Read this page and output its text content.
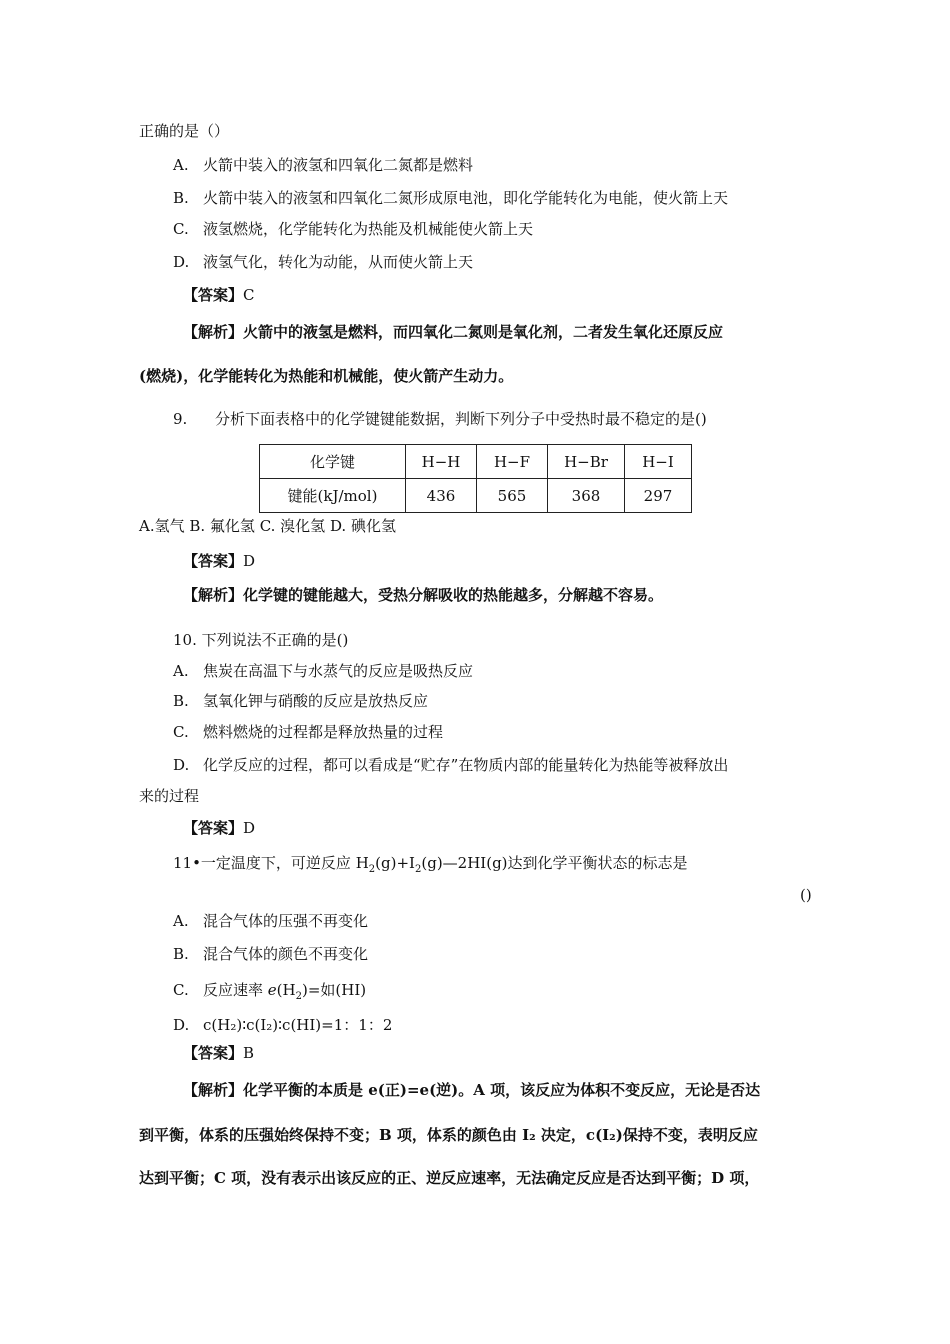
正确的是（）
A. 火箭中装入的液氢和四氧化二氮都是燃料
B. 火箭中装入的液氢和四氧化二氮形成原电池，即化学能转化为电能，使火箭上天
C. 液氢燃烧，化学能转化为热能及机械能使火箭上天
D. 液氢气化，转化为动能，从而使火箭上天
【答案】C
【解析】火箭中的液氢是燃料，而四氧化二氮则是氧化剂，二者发生氧化还原反应
(燃烧)，化学能转化为热能和机械能，使火箭产生动力。
9. 分析下面表格中的化学键键能数据，判断下列分子中受热时最不稳定的是()
化学键	H−H	H−F	H−Br	H−I
键能(kJ/mol)	436	565	368	297
A.氢气 B. 氟化氢 C. 溴化氢 D. 碘化氢
【答案】D
【解析】化学键的键能越大，受热分解吸收的热能越多，分解越不容易。
10. 下列说法不正确的是()
A. 焦炭在高温下与水蒸气的反应是吸热反应
B. 氢氧化钾与硝酸的反应是放热反应
C. 燃料燃烧的过程都是释放热量的过程
D. 化学反应的过程，都可以看成是“贮存”在物质内部的能量转化为热能等被释放出
来的过程
【答案】D
11•一定温度下，可逆反应 $H_2(g)+I_2(g)—2HI(g)$达到化学平衡状态的标志是
()
A. 混合气体的压强不再变化
B. 混合气体的颜色不再变化
C. 反应速率 $e(H_2)=$如(HI)
D. c(H₂)∶c(I₂)∶c(HI)=1：1：2
【答案】B
【解析】化学平衡的本质是 e(正)=e(逆)。A 项，该反应为体积不变反应，无论是否达
到平衡，体系的压强始终保持不变；B 项，体系的颜色由 I₂ 决定，c(I₂)保持不变，表明反应
达到平衡；C 项，没有表示出该反应的正、逆反应速率，无法确定反应是否达到平衡；D 项，
